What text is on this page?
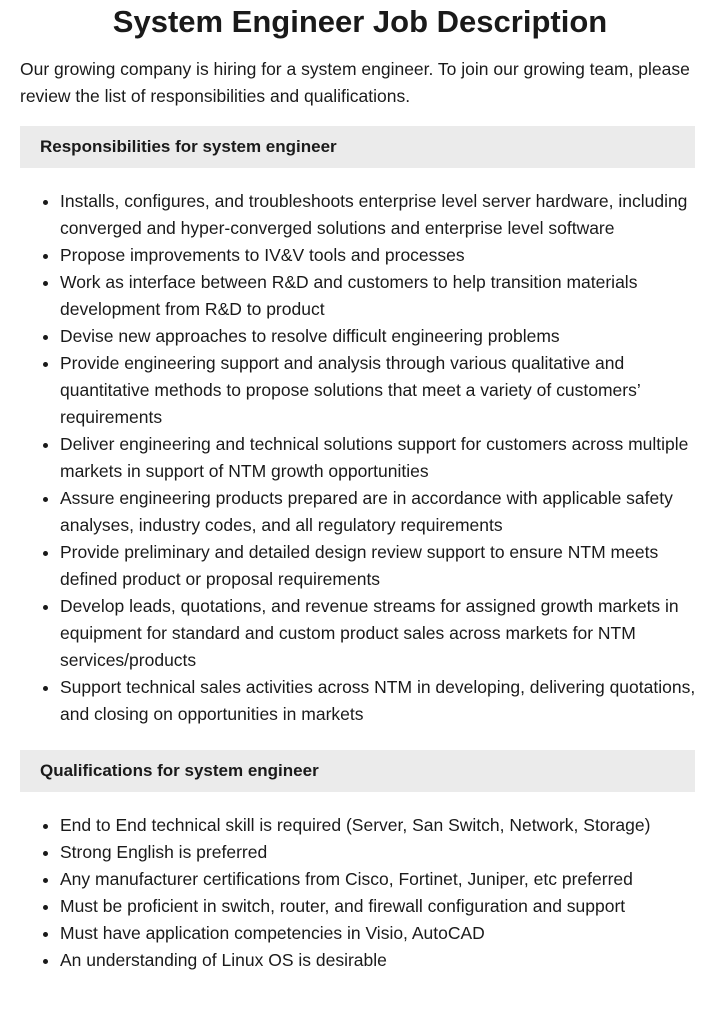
System Engineer Job Description

Our growing company is hiring for a system engineer. To join our growing team, please review the list of responsibilities and qualifications.

Responsibilities for system engineer
• Installs, configures, and troubleshoots enterprise level server hardware, including converged and hyper-converged solutions and enterprise level software
• Propose improvements to IV&V tools and processes
• Work as interface between R&D and customers to help transition materials development from R&D to product
• Devise new approaches to resolve difficult engineering problems
• Provide engineering support and analysis through various qualitative and quantitative methods to propose solutions that meet a variety of customers’ requirements
• Deliver engineering and technical solutions support for customers across multiple markets in support of NTM growth opportunities
• Assure engineering products prepared are in accordance with applicable safety analyses, industry codes, and all regulatory requirements
• Provide preliminary and detailed design review support to ensure NTM meets defined product or proposal requirements
• Develop leads, quotations, and revenue streams for assigned growth markets in equipment for standard and custom product sales across markets for NTM services/products
• Support technical sales activities across NTM in developing, delivering quotations, and closing on opportunities in markets
Qualifications for system engineer
• End to End technical skill is required (Server, San Switch, Network, Storage)
• Strong English is preferred
• Any manufacturer certifications from Cisco, Fortinet, Juniper, etc preferred
• Must be proficient in switch, router, and firewall configuration and support
• Must have application competencies in Visio, AutoCAD
• An understanding of Linux OS is desirable
